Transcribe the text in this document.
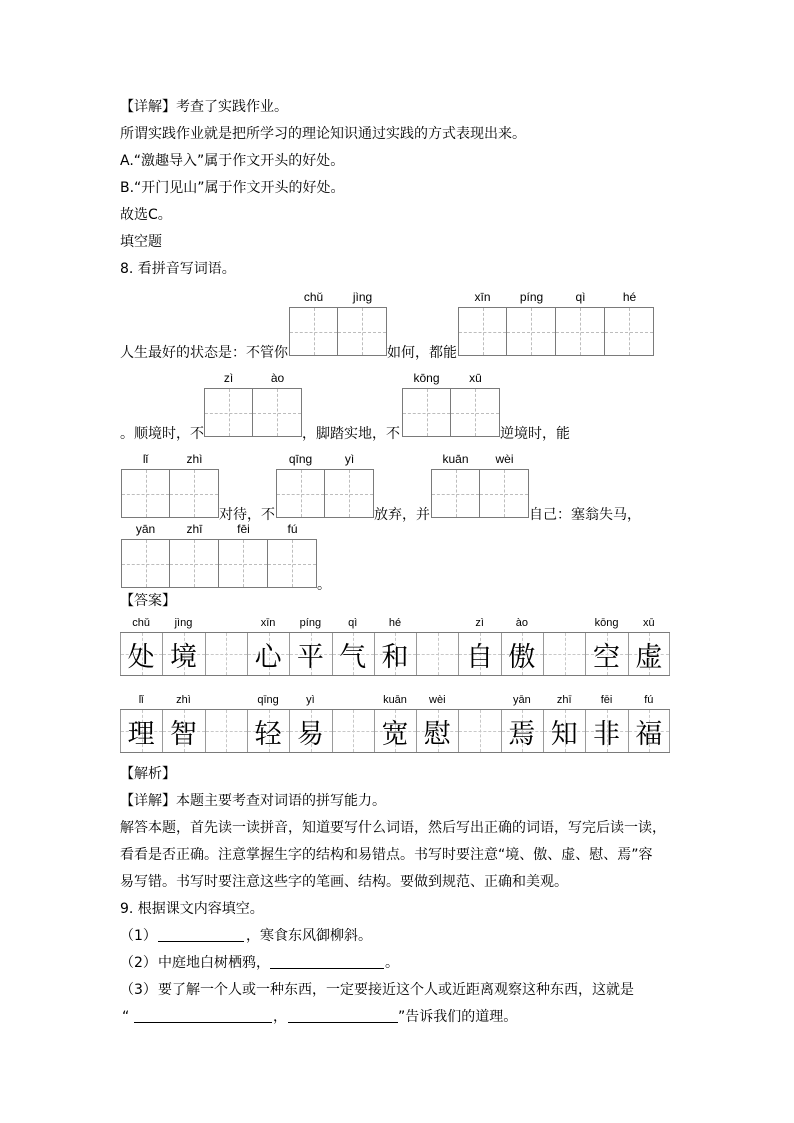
【详解】考查了实践作业。
所谓实践作业就是把所学习的理论知识通过实践的方式表现出来。
A.“激趣导入”属于作文开头的好处。
B.“开门见山”属于作文开头的好处。
故选C。
填空题
8. 看拼音写词语。
chǔ	jìng	xīn	píng	qì	hé
人生最好的状态是：不管你	如何，都能
zì	ào	kōng	xū
。顺境时，不	，脚踏实地，不	逆境时，能
lǐ	zhì	qīng	yì	kuān	wèi
对待，不	放弃，并	自己：塞翁失马，
yān	zhī	fēi	fú
。
【答案】
chǔ	jìng	xīn	píng	qì	hé	zì	ào	kōng	xū
处 境 心 平 气 和 自 傲 空 虚
lǐ	zhì	qīng	yì	kuān	wèi	yān	zhī	fēi	fú
理 智 轻 易 宽 慰 焉 知 非 福
【解析】
【详解】本题主要考查对词语的拼写能力。
解答本题，首先读一读拼音，知道要写什么词语，然后写出正确的词语，写完后读一读，
看看是否正确。注意掌握生字的结构和易错点。书写时要注意“境、傲、虚、慰、焉”容
易写错。书写时要注意这些字的笔画、结构。要做到规范、正确和美观。
9. 根据课文内容填空。
（1）	，寒食东风御柳斜。
（2） 中庭地白树栖鸦，	。
（3） 要了解一个人或一种东西，一定要接近这个人或近距离观察这种东西，这就是
“	，	”告诉我们的道理。
